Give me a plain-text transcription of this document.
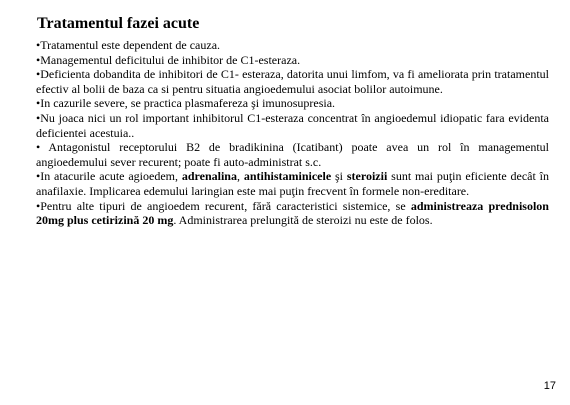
Tratamentul fazei acute

•Tratamentul este dependent de cauza.

•Managementul deficitului de inhibitor de C1-esteraza.

•Deficienta dobandita de inhibitori de C1- esteraza, datorita unui limfom, va fi ameliorata prin tratamentul efectiv al bolii de baza ca si pentru situatia angioedemului asociat bolilor autoimune.

•In cazurile severe, se practica plasmafereza şi imunosupresia.

•Nu joaca nici un rol important inhibitorul C1-esteraza concentrat în angioedemul idiopatic fara evidenta deficientei acestuia..

• Antagonistul receptorului B2 de bradikinina (Icatibant) poate avea un rol în managementul angioedemului sever recurent; poate fi auto-administrat s.c.

•In atacurile acute agioedem, adrenalina, antihistaminicele şi steroizii sunt mai puţin eficiente decât în anafilaxie. Implicarea edemului laringian este mai puţin frecvent în formele non-ereditare.

•Pentru alte tipuri de angioedem recurent, fără caracteristici sistemice, se administreaza prednisolon 20mg plus cetirizină 20 mg. Administrarea prelungită de steroizi nu este de folos.

17
